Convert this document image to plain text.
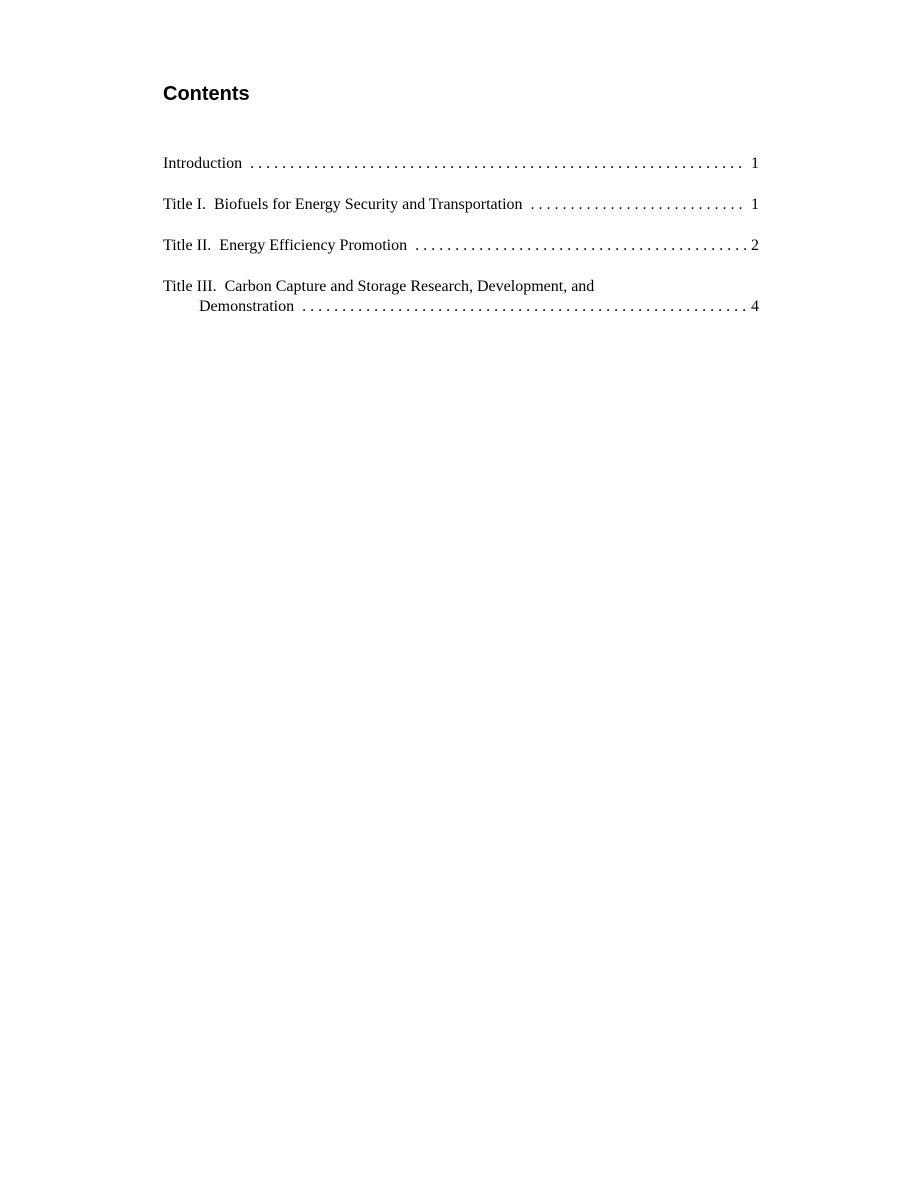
Contents
Introduction . . .	1
Title I.  Biofuels for Energy Security and Transportation . . .	1
Title II.  Energy Efficiency Promotion . . .	2
Title III.  Carbon Capture and Storage Research, Development, and
Demonstration . . .	4
